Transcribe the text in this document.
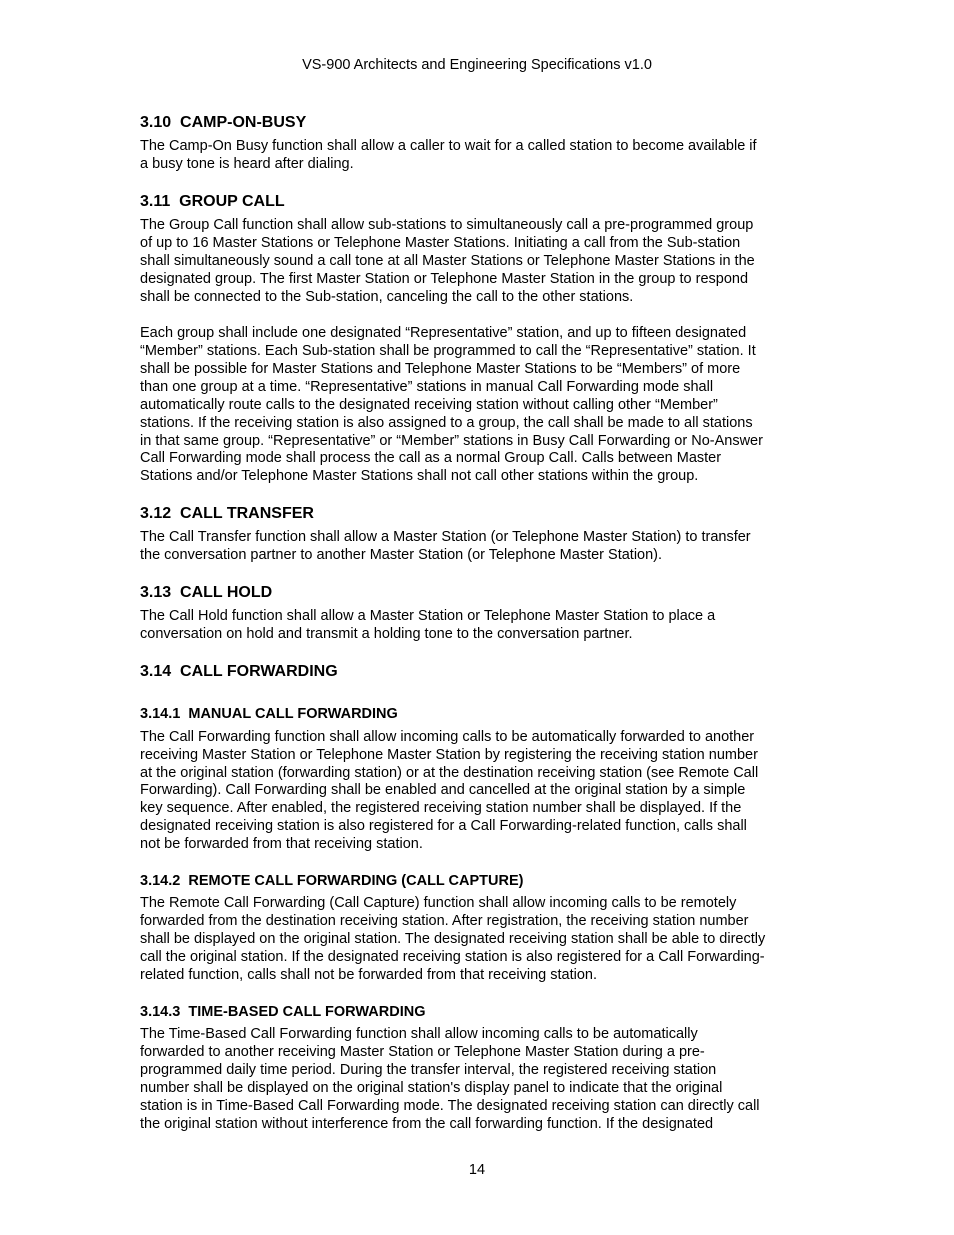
VS-900 Architects and Engineering Specifications v1.0
3.10  CAMP-ON-BUSY
The Camp-On Busy function shall allow a caller to wait for a called station to become available if
a busy tone is heard after dialing.
3.11  GROUP CALL
The Group Call function shall allow sub-stations to simultaneously call a pre-programmed group
of up to 16 Master Stations or Telephone Master Stations. Initiating a call from the Sub-station
shall simultaneously sound a call tone at all Master Stations or Telephone Master Stations in the
designated group. The first Master Station or Telephone Master Station in the group to respond
shall be connected to the Sub-station, canceling the call to the other stations.
Each group shall include one designated “Representative” station, and up to fifteen designated
“Member” stations. Each Sub-station shall be programmed to call the “Representative” station. It
shall be possible for Master Stations and Telephone Master Stations to be “Members” of more
than one group at a time. “Representative” stations in manual Call Forwarding mode shall
automatically route calls to the designated receiving station without calling other “Member”
stations. If the receiving station is also assigned to a group, the call shall be made to all stations
in that same group. “Representative” or “Member” stations in Busy Call Forwarding or No-Answer
Call Forwarding mode shall process the call as a normal Group Call. Calls between Master
Stations and/or Telephone Master Stations shall not call other stations within the group.
3.12  CALL TRANSFER
The Call Transfer function shall allow a Master Station (or Telephone Master Station) to transfer
the conversation partner to another Master Station (or Telephone Master Station).
3.13  CALL HOLD
The Call Hold function shall allow a Master Station or Telephone Master Station to place a
conversation on hold and transmit a holding tone to the conversation partner.
3.14  CALL FORWARDING
3.14.1  MANUAL CALL FORWARDING
The Call Forwarding function shall allow incoming calls to be automatically forwarded to another
receiving Master Station or Telephone Master Station by registering the receiving station number
at the original station (forwarding station) or at the destination receiving station (see Remote Call
Forwarding). Call Forwarding shall be enabled and cancelled at the original station by a simple
key sequence. After enabled, the registered receiving station number shall be displayed. If the
designated receiving station is also registered for a Call Forwarding-related function, calls shall
not be forwarded from that receiving station.
3.14.2  REMOTE CALL FORWARDING (CALL CAPTURE)
The Remote Call Forwarding (Call Capture) function shall allow incoming calls to be remotely
forwarded from the destination receiving station. After registration, the receiving station number
shall be displayed on the original station. The designated receiving station shall be able to directly
call the original station. If the designated receiving station is also registered for a Call Forwarding-
related function, calls shall not be forwarded from that receiving station.
3.14.3  TIME-BASED CALL FORWARDING
The Time-Based Call Forwarding function shall allow incoming calls to be automatically
forwarded to another receiving Master Station or Telephone Master Station during a pre-
programmed daily time period. During the transfer interval, the registered receiving station
number shall be displayed on the original station's display panel to indicate that the original
station is in Time-Based Call Forwarding mode. The designated receiving station can directly call
the original station without interference from the call forwarding function. If the designated
14
